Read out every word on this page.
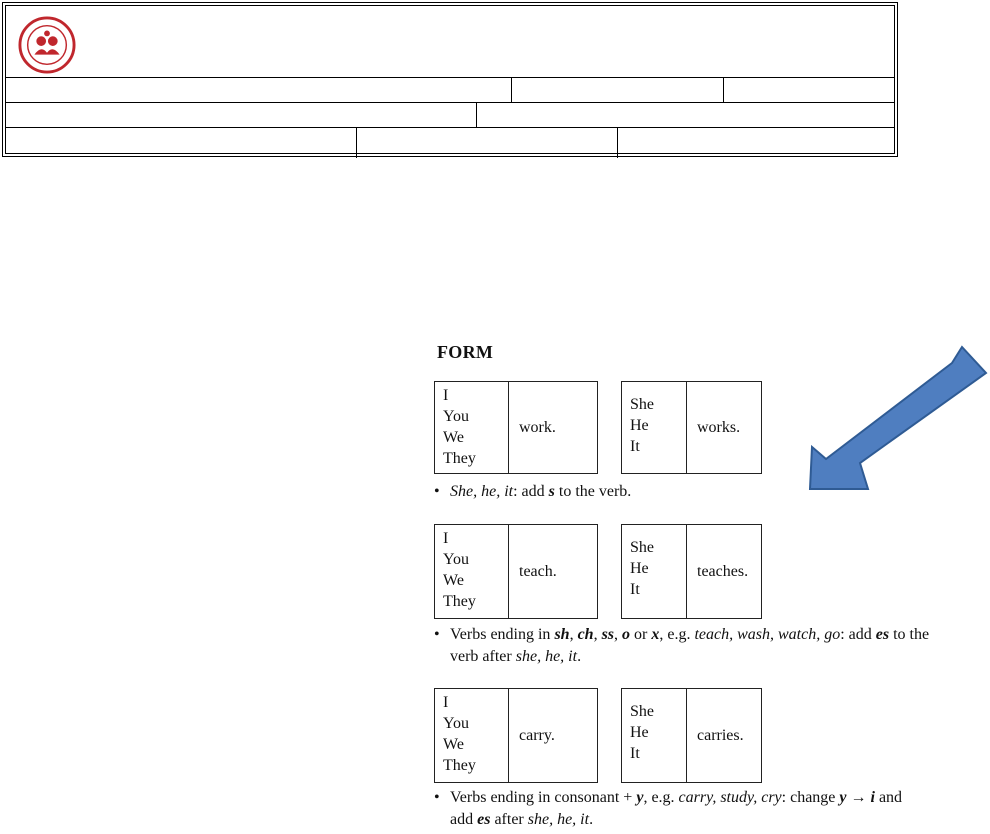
FORM
I
You
We
They
work.
She
He
It
works.
• She, he, it: add s to the verb.
I
You
We
They
teach.
She
He
It
teaches.
• Verbs ending in sh, ch, ss, o or x, e.g. teach, wash, watch, go: add es to the
verb after she, he, it.
I
You
We
They
carry.
She
He
It
carries.
• Verbs ending in consonant + y, e.g. carry, study, cry: change y → i and
add es after she, he, it.
